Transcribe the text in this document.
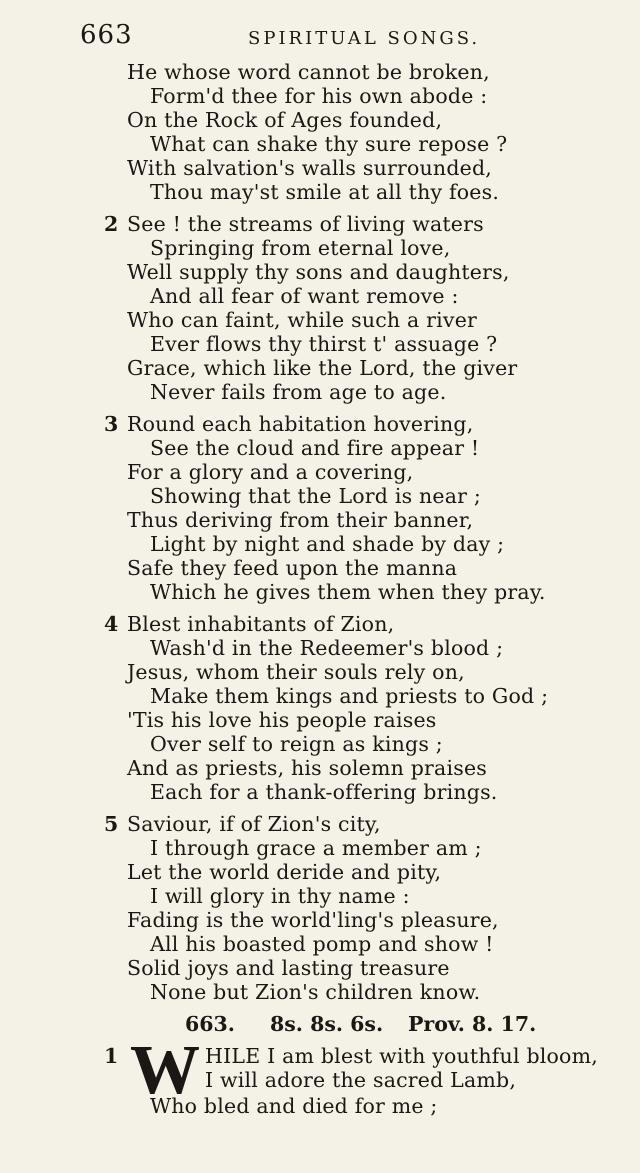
663	SPIRITUAL SONGS.
He whose word cannot be broken,
Form'd thee for his own abode :
On the Rock of Ages founded,
What can shake thy sure repose ?
With salvation's walls surrounded,
Thou may'st smile at all thy foes.
2 See ! the streams of living waters
Springing from eternal love,
Well supply thy sons and daughters,
And all fear of want remove :
Who can faint, while such a river
Ever flows thy thirst t' assuage ?
Grace, which like the Lord, the giver
Never fails from age to age.
3 Round each habitation hovering,
See the cloud and fire appear !
For a glory and a covering,
Showing that the Lord is near ;
Thus deriving from their banner,
Light by night and shade by day ;
Safe they feed upon the manna
Which he gives them when they pray.
4 Blest inhabitants of Zion,
Wash'd in the Redeemer's blood ;
Jesus, whom their souls rely on,
Make them kings and priests to God ;
'Tis his love his people raises
Over self to reign as kings ;
And as priests, his solemn praises
Each for a thank-offering brings.
5 Saviour, if of Zion's city,
I through grace a member am ;
Let the world deride and pity,
I will glory in thy name :
Fading is the world'ling's pleasure,
All his boasted pomp and show !
Solid joys and lasting treasure
None but Zion's children know.
663. 8s. 8s. 6s. Prov. 8. 17.
1 W HILE I am blest with youthful bloom,
I will adore the sacred Lamb,
Who bled and died for me ;
